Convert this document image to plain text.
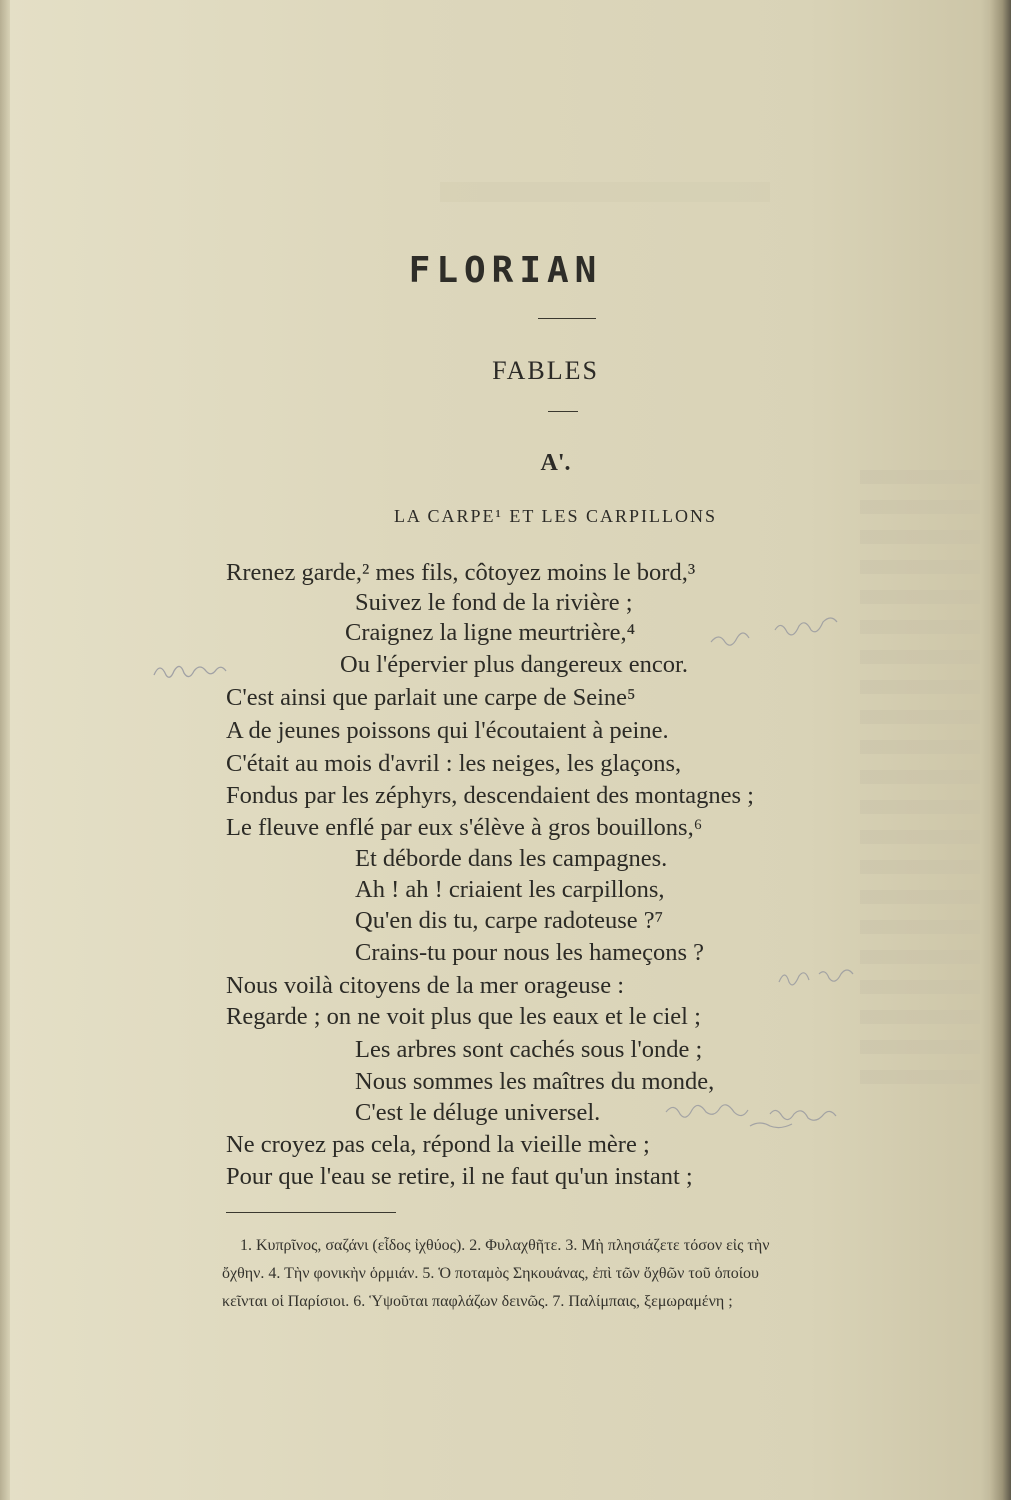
FLORIAN
FABLES
A'.
LA CARPE¹ ET LES CARPILLONS
Rrenez garde,² mes fils, côtoyez moins le bord,³
Suivez le fond de la rivière ;
Craignez la ligne meurtrière,⁴
Ou l'épervier plus dangereux encor.
C'est ainsi que parlait une carpe de Seine⁵
A de jeunes poissons qui l'écoutaient à peine.
C'était au mois d'avril : les neiges, les glaçons,
Fondus par les zéphyrs, descendaient des montagnes ;
Le fleuve enflé par eux s'élève à gros bouillons,⁶
Et déborde dans les campagnes.
Ah ! ah ! criaient les carpillons,
Qu'en dis tu, carpe radoteuse ?⁷
Crains-tu pour nous les hameçons ?
Nous voilà citoyens de la mer orageuse :
Regarde ; on ne voit plus que les eaux et le ciel ;
Les arbres sont cachés sous l'onde ;
Nous sommes les maîtres du monde,
C'est le déluge universel.
Ne croyez pas cela, répond la vieille mère ;
Pour que l'eau se retire, il ne faut qu'un instant ;
1. Κυπρῖνος, σαζάνι (εἶδος ἰχθύος). 2. Φυλαχθῆτε. 3. Μὴ πλησιάζετε τόσον εἰς τὴν
ὄχθην. 4. Τὴν φονικὴν ὁρμιάν. 5. Ὁ ποταμὸς Σηκουάνας, ἐπὶ τῶν ὄχθῶν τοῦ ὁποίου
κεῖνται οἱ Παρίσιοι. 6. Ὑψοῦται παφλάζων δεινῶς. 7. Παλίμπαις, ξεμωραμένη ;
